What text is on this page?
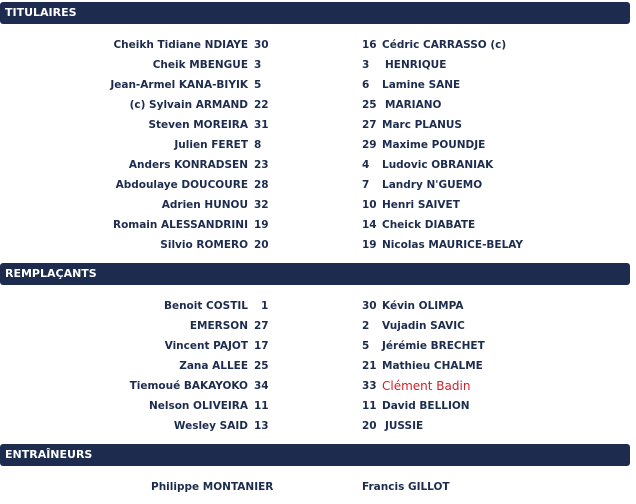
TITULAIRES
Cheikh Tidiane NDIAYE 30	16 Cédric CARRASSO (c)
Cheik MBENGUE 3	3 HENRIQUE
Jean-Armel KANA-BIYIK 5	6 Lamine SANE
(c) Sylvain ARMAND 22	25 MARIANO
Steven MOREIRA 31	27 Marc PLANUS
Julien FERET 8	29 Maxime POUNDJE
Anders KONRADSEN 23	4 Ludovic OBRANIAK
Abdoulaye DOUCOURE 28	7 Landry N'GUEMO
Adrien HUNOU 32	10 Henri SAIVET
Romain ALESSANDRINI 19	14 Cheick DIABATE
Silvio ROMERO 20	19 Nicolas MAURICE-BELAY
REMPLAÇANTS
Benoit COSTIL 1	30 Kévin OLIMPA
EMERSON 27	2 Vujadin SAVIC
Vincent PAJOT 17	5 Jérémie BRECHET
Zana ALLEE 25	21 Mathieu CHALME
Tiemoué BAKAYOKO 34	33 Clément Badin
Nelson OLIVEIRA 11	11 David BELLION
Wesley SAID 13	20 JUSSIE
ENTRAÎNEURS
Philippe MONTANIER	Francis GILLOT
